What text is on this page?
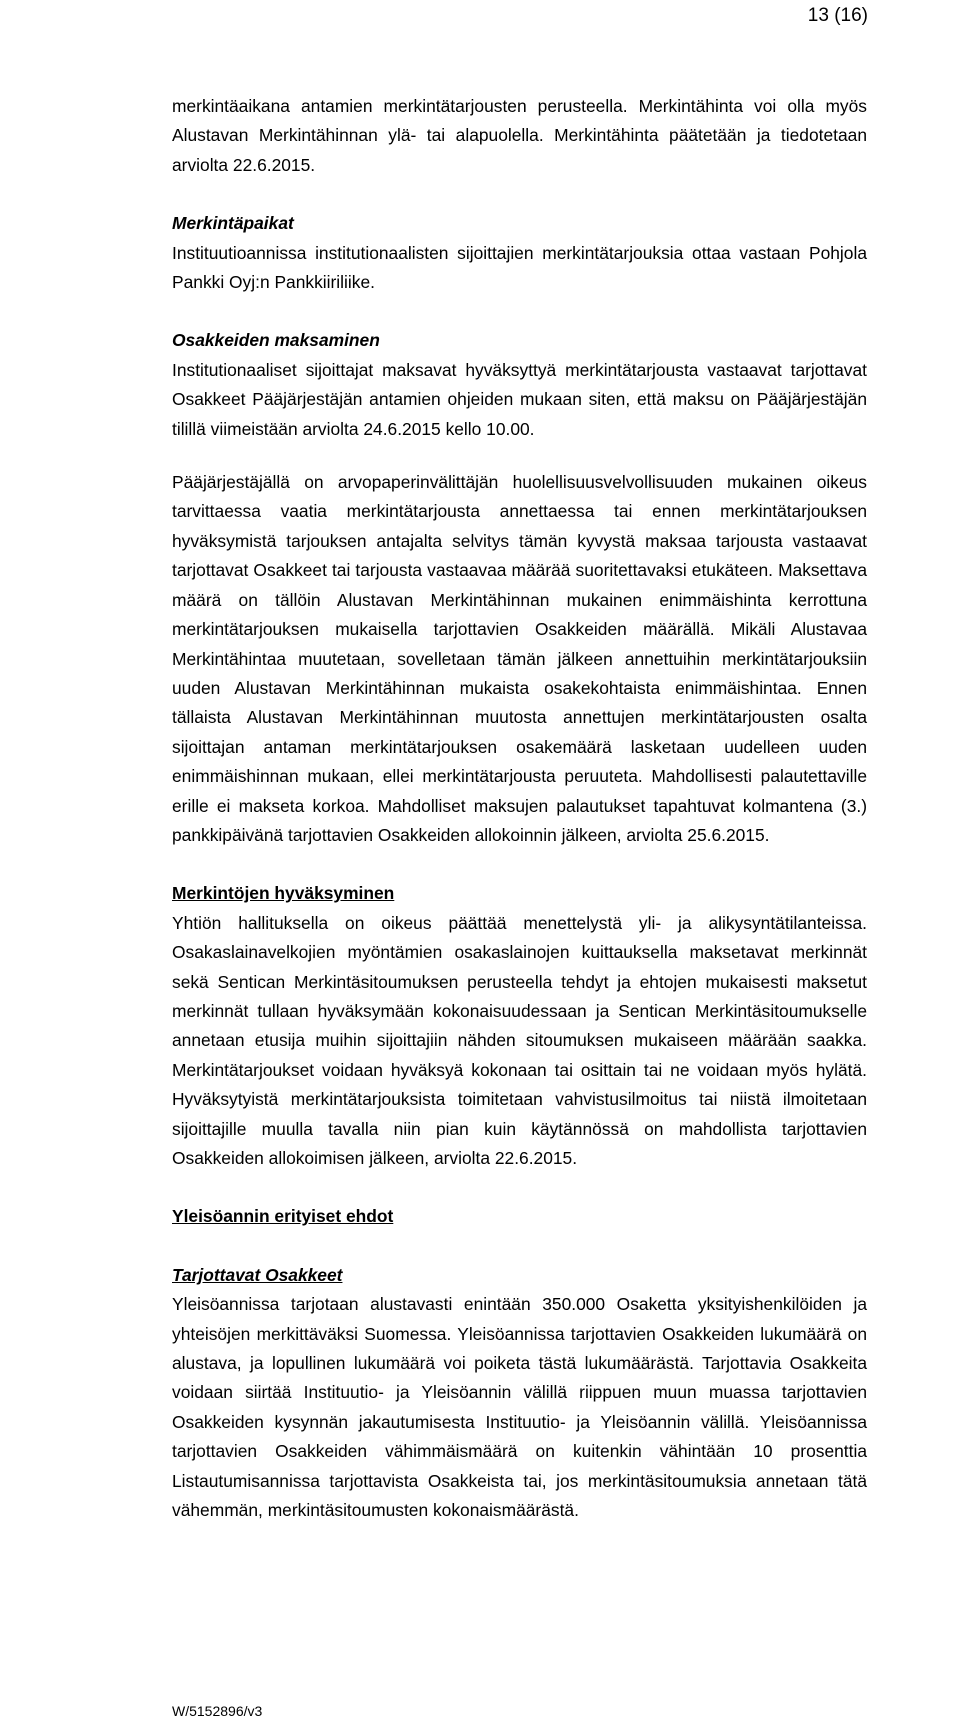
13 (16)

merkintäaikana antamien merkintätarjousten perusteella. Merkintähinta voi olla myös Alustavan Merkintähinnan ylä- tai alapuolella. Merkintähinta päätetään ja tiedotetaan arviolta 22.6.2015.

Merkintäpaikat

Instituutioannissa institutionaalisten sijoittajien merkintätarjouksia ottaa vastaan Pohjola Pankki Oyj:n Pankkiiriliike.

Osakkeiden maksaminen

Institutionaaliset sijoittajat maksavat hyväksyttyä merkintätarjousta vastaavat tarjottavat Osakkeet Pääjärjestäjän antamien ohjeiden mukaan siten, että maksu on Pääjärjestäjän tilillä viimeistään arviolta 24.6.2015 kello 10.00.

Pääjärjestäjällä on arvopaperinvälittäjän huolellisuusvelvollisuuden mukainen oikeus tarvittaessa vaatia merkintätarjousta annettaessa tai ennen merkintätarjouksen hyväksymistä tarjouksen antajalta selvitys tämän kyvystä maksaa tarjousta vastaavat tarjottavat Osakkeet tai tarjousta vastaavaa määrää suoritettavaksi etukäteen. Maksettava määrä on tällöin Alustavan Merkintähinnan mukainen enimmäishinta kerrottuna merkintätarjouksen mukaisella tarjottavien Osakkeiden määrällä. Mikäli Alustavaa Merkintähintaa muutetaan, sovelletaan tämän jälkeen annettuihin merkintätarjouksiin uuden Alustavan Merkintähinnan mukaista osakekohtaista enimmäishintaa. Ennen tällaista Alustavan Merkintähinnan muutosta annettujen merkintätarjousten osalta sijoittajan antaman merkintätarjouksen osakemäärä lasketaan uudelleen uuden enimmäishinnan mukaan, ellei merkintätarjousta peruuteta. Mahdollisesti palautettaville erille ei makseta korkoa. Mahdolliset maksujen palautukset tapahtuvat kolmantena (3.) pankkipäivänä tarjottavien Osakkeiden allokoinnin jälkeen, arviolta 25.6.2015.

Merkintöjen hyväksyminen

Yhtiön hallituksella on oikeus päättää menettelystä yli- ja alikysyntätilanteissa. Osakaslainavelkojien myöntämien osakaslainojen kuittauksella maksetavat merkinnät sekä Sentican Merkintäsitoumuksen perusteella tehdyt ja ehtojen mukaisesti maksetut merkinnät tullaan hyväksymään kokonaisuudessaan ja Sentican Merkintäsitoumukselle annetaan etusija muihin sijoittajiin nähden sitoumuksen mukaiseen määrään saakka. Merkintätarjoukset voidaan hyväksyä kokonaan tai osittain tai ne voidaan myös hylätä. Hyväksytyistä merkintätarjouksista toimitetaan vahvistusilmoitus tai niistä ilmoitetaan sijoittajille muulla tavalla niin pian kuin käytännössä on mahdollista tarjottavien Osakkeiden allokoimisen jälkeen, arviolta 22.6.2015.

Yleisöannin erityiset ehdot

Tarjottavat Osakkeet

Yleisöannissa tarjotaan alustavasti enintään 350.000 Osaketta yksityishenkilöiden ja yhteisöjen merkittäväksi Suomessa. Yleisöannissa tarjottavien Osakkeiden lukumäärä on alustava, ja lopullinen lukumäärä voi poiketa tästä lukumäärästä. Tarjottavia Osakkeita voidaan siirtää Instituutio- ja Yleisöannin välillä riippuen muun muassa tarjottavien Osakkeiden kysynnän jakautumisesta Instituutio- ja Yleisöannin välillä. Yleisöannissa tarjottavien Osakkeiden vähimmäismäärä on kuitenkin vähintään 10 prosenttia Listautumisannissa tarjottavista Osakkeista tai, jos merkintäsitoumuksia annetaan tätä vähemmän, merkintäsitoumusten kokonaismäärästä.

W/5152896/v3
